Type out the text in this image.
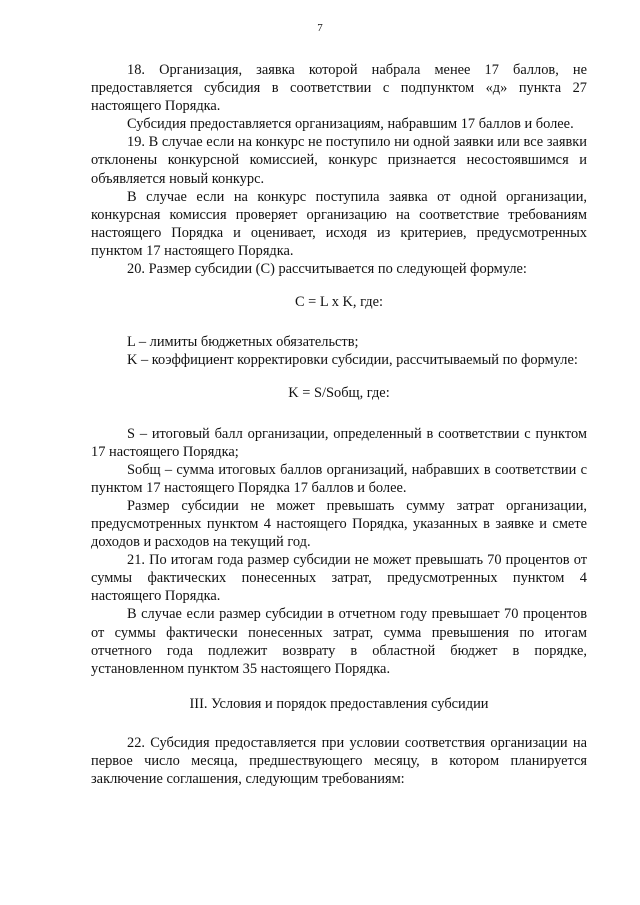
7

18. Организация, заявка которой набрала менее 17 баллов, не предоставляется субсидия в соответствии с подпунктом «д» пункта 27 настоящего Порядка.

Субсидия предоставляется организациям, набравшим 17 баллов и более.

19. В случае если на конкурс не поступило ни одной заявки или все заявки отклонены конкурсной комиссией, конкурс признается несостоявшимся и объявляется новый конкурс.

В случае если на конкурс поступила заявка от одной организации, конкурсная комиссия проверяет организацию на соответствие требованиям настоящего Порядка и оценивает, исходя из критериев, предусмотренных пунктом 17 настоящего Порядка.

20. Размер субсидии (С) рассчитывается по следующей формуле:

С = L x K, где:

L – лимиты бюджетных обязательств;

K – коэффициент корректировки субсидии, рассчитываемый по формуле:

K = S/Sобщ, где:

S – итоговый балл организации, определенный в соответствии с пунктом 17 настоящего Порядка;

Sобщ – сумма итоговых баллов организаций, набравших в соответствии с пунктом 17 настоящего Порядка 17 баллов и более.

Размер субсидии не может превышать сумму затрат организации, предусмотренных пунктом 4 настоящего Порядка, указанных в заявке и смете доходов и расходов на текущий год.

21. По итогам года размер субсидии не может превышать 70 процентов от суммы фактических понесенных затрат, предусмотренных пунктом 4 настоящего Порядка.

В случае если размер субсидии в отчетном году превышает 70 процентов от суммы фактически понесенных затрат, сумма превышения по итогам отчетного года подлежит возврату в областной бюджет в порядке, установленном пунктом 35 настоящего Порядка.

III. Условия и порядок предоставления субсидии

22. Субсидия предоставляется при условии соответствия организации на первое число месяца, предшествующего месяцу, в котором планируется заключение соглашения, следующим требованиям:
